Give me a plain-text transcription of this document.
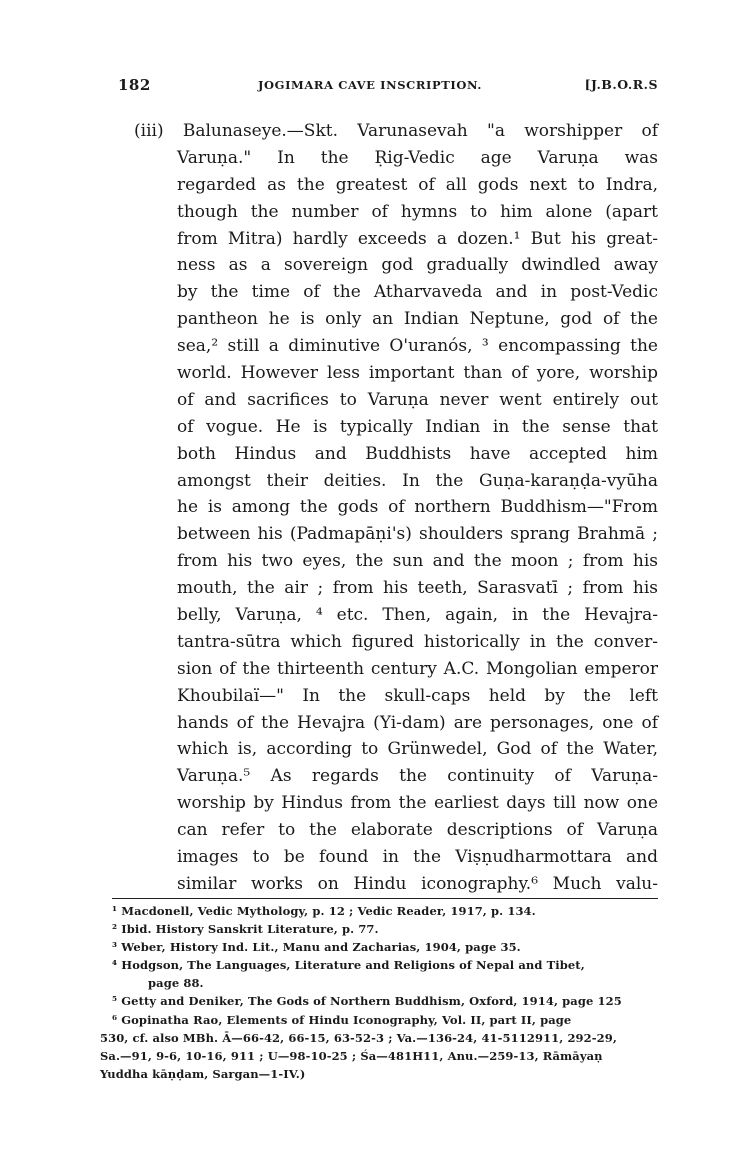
182	JOGIMARA CAVE INSCRIPTION.	[J.B.O.R.S
(iii) Balunaseye.—Skt. Varunasevah "a worshipper of
Varuṇa." In the Ṛig-Vedic age Varuṇa was
regarded as the greatest of all gods next to Indra,
though the number of hymns to him alone (apart
from Mitra) hardly exceeds a dozen.¹ But his great-
ness as a sovereign god gradually dwindled away
by the time of the Atharvaveda and in post-Vedic
pantheon he is only an Indian Neptune, god of the
sea,² still a diminutive O'uranós, ³ encompassing the
world. However less important than of yore, worship
of and sacrifices to Varuṇa never went entirely out
of vogue. He is typically Indian in the sense that
both Hindus and Buddhists have accepted him
amongst their deities. In the Guṇa-karaṇḍa-vyūha
he is among the gods of northern Buddhism—"From
between his (Padmapāṇi's) shoulders sprang Brahmā ;
from his two eyes, the sun and the moon ; from his
mouth, the air ; from his teeth, Sarasvatī ; from his
belly, Varuṇa, ⁴ etc. Then, again, in the Hevajra-
tantra-sūtra which figured historically in the conver-
sion of the thirteenth century A.C. Mongolian emperor
Khoubilaï—" In the skull-caps held by the left
hands of the Hevajra (Yi-dam) are personages, one of
which is, according to Grünwedel, God of the Water,
Varuṇa.⁵ As regards the continuity of Varuṇa-
worship by Hindus from the earliest days till now one
can refer to the elaborate descriptions of Varuṇa
images to be found in the Viṣṇudharmottara and
similar works on Hindu iconography.⁶ Much valu-
¹ Macdonell, Vedic Mythology, p. 12 ; Vedic Reader, 1917, p. 134.
² Ibid. History Sanskrit Literature, p. 77.
³ Weber, History Ind. Lit., Manu and Zacharias, 1904, page 35.
⁴ Hodgson, The Languages, Literature and Religions of Nepal and Tibet,
page 88.
⁵ Getty and Deniker, The Gods of Northern Buddhism, Oxford, 1914, page 125
⁶ Gopinatha Rao, Elements of Hindu Iconography, Vol. II, part II, page
530, cf. also MBh. Ā—66-42, 66-15, 63-52-3 ; Va.—136-24, 41-5112911, 292-29,
Sa.—91, 9-6, 10-16, 911 ; U—98-10-25 ; Śa—481H11, Anu.—259-13, Rāmāyaṇ
Yuddha kāṇḍam, Sargan—1-IV.)
